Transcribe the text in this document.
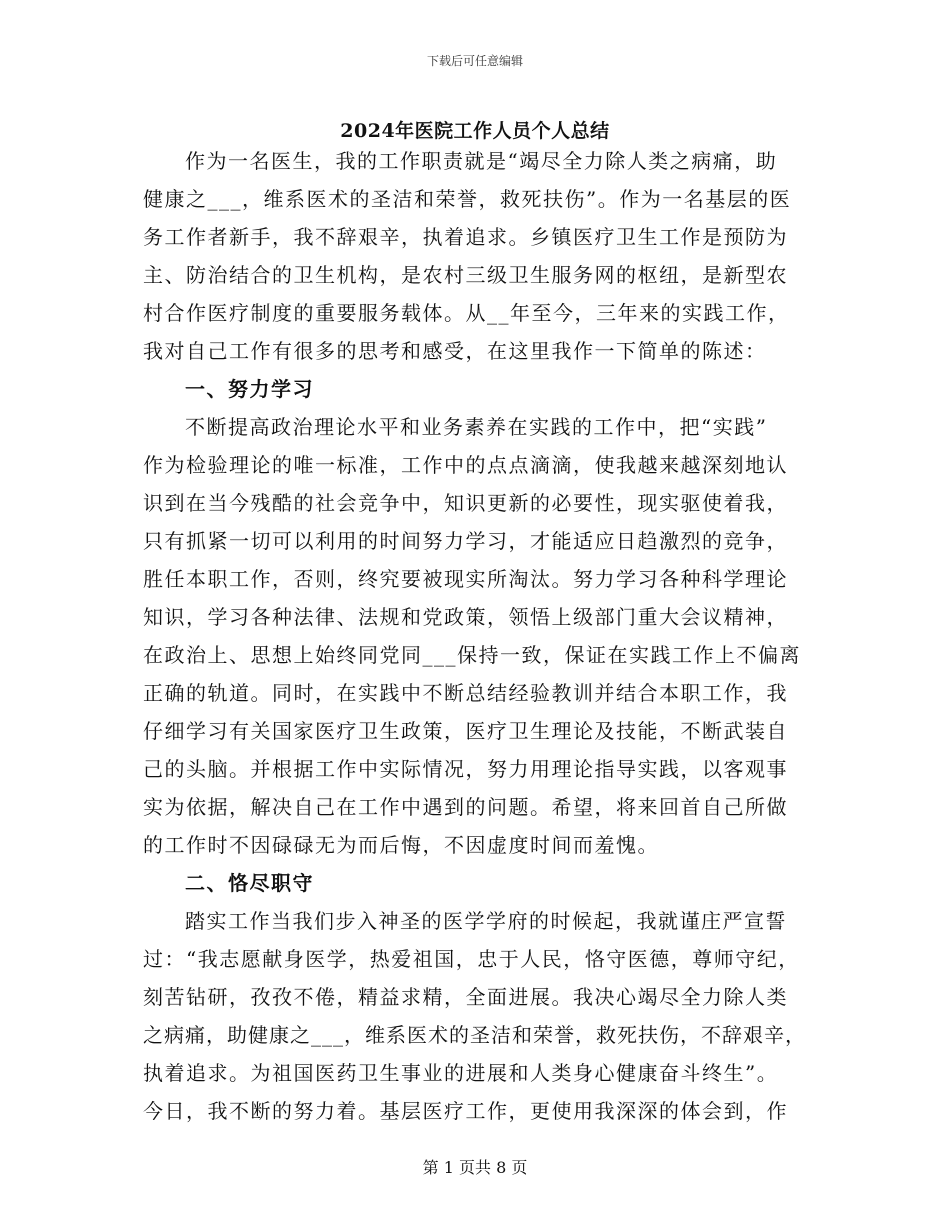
下载后可任意编辑
2024年医院工作人员个人总结
作为一名医生，我的工作职责就是“竭尽全力除人类之病痛，助
健康之___，维系医术的圣洁和荣誉，救死扶伤”。作为一名基层的医
务工作者新手，我不辞艰辛，执着追求。乡镇医疗卫生工作是预防为
主、防治结合的卫生机构，是农村三级卫生服务网的枢纽，是新型农
村合作医疗制度的重要服务载体。从__年至今，三年来的实践工作，
我对自己工作有很多的思考和感受，在这里我作一下简单的陈述：
一、努力学习
不断提高政治理论水平和业务素养在实践的工作中，把“实践”
作为检验理论的唯一标准，工作中的点点滴滴，使我越来越深刻地认
识到在当今残酷的社会竞争中，知识更新的必要性，现实驱使着我，
只有抓紧一切可以利用的时间努力学习，才能适应日趋激烈的竞争，
胜任本职工作，否则，终究要被现实所淘汰。努力学习各种科学理论
知识，学习各种法律、法规和党政策，领悟上级部门重大会议精神，
在政治上、思想上始终同党同___保持一致，保证在实践工作上不偏离
正确的轨道。同时，在实践中不断总结经验教训并结合本职工作，我
仔细学习有关国家医疗卫生政策，医疗卫生理论及技能，不断武装自
己的头脑。并根据工作中实际情况，努力用理论指导实践，以客观事
实为依据，解决自己在工作中遇到的问题。希望，将来回首自己所做
的工作时不因碌碌无为而后悔，不因虚度时间而羞愧。
二、恪尽职守
踏实工作当我们步入神圣的医学学府的时候起，我就谨庄严宣誓
过：“我志愿献身医学，热爱祖国，忠于人民，恪守医德，尊师守纪，
刻苦钻研，孜孜不倦，精益求精，全面进展。我决心竭尽全力除人类
之病痛，助健康之___，维系医术的圣洁和荣誉，救死扶伤，不辞艰辛，
执着追求。为祖国医药卫生事业的进展和人类身心健康奋斗终生”。
今日，我不断的努力着。基层医疗工作，更使用我深深的体会到，作
第 1 页共 8 页
